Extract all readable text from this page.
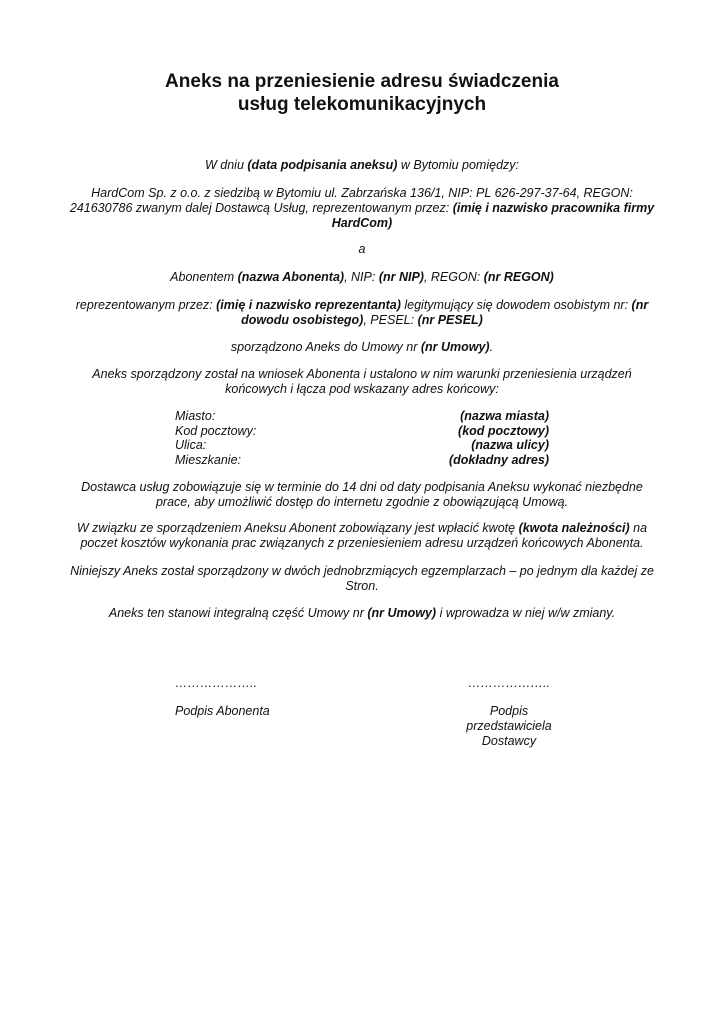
Aneks na przeniesienie adresu świadczenia
usług telekomunikacyjnych

W dniu (data podpisania aneksu) w Bytomiu pomiędzy:

HardCom Sp. z o.o. z siedzibą w Bytomiu ul. Zabrzańska 136/1, NIP: PL 626-297-37-64, REGON: 241630786 zwanym dalej Dostawcą Usług, reprezentowanym przez: (imię i nazwisko pracownika firmy HardCom)

a

Abonentem (nazwa Abonenta), NIP: (nr NIP), REGON: (nr REGON)

reprezentowanym przez: (imię i nazwisko reprezentanta) legitymujący się dowodem osobistym nr: (nr dowodu osobistego), PESEL: (nr PESEL)

sporządzono Aneks do Umowy nr (nr Umowy).

Aneks sporządzony został na wniosek Abonenta i ustalono w nim warunki przeniesienia urządzeń końcowych i łącza pod wskazany adres końcowy:

Miasto:	(nazwa miasta)
Kod pocztowy:	(kod pocztowy)
Ulica:	(nazwa ulicy)
Mieszkanie:	(dokładny adres)

Dostawca usług zobowiązuje się w terminie do 14 dni od daty podpisania Aneksu wykonać niezbędne prace, aby umożliwić dostęp do internetu zgodnie z obowiązującą Umową.

W związku ze sporządzeniem Aneksu Abonent zobowiązany jest wpłacić kwotę (kwota należności) na poczet kosztów wykonania prac związanych z przeniesieniem adresu urządzeń końcowych Abonenta.

Niniejszy Aneks został sporządzony w dwóch jednobrzmiących egzemplarzach – po jednym dla każdej ze Stron.

Aneks ten stanowi integralną część Umowy nr (nr Umowy) i wprowadza w niej w/w zmiany.

………………..
Podpis Abonenta
………………..
Podpis przedstawiciela Dostawcy
